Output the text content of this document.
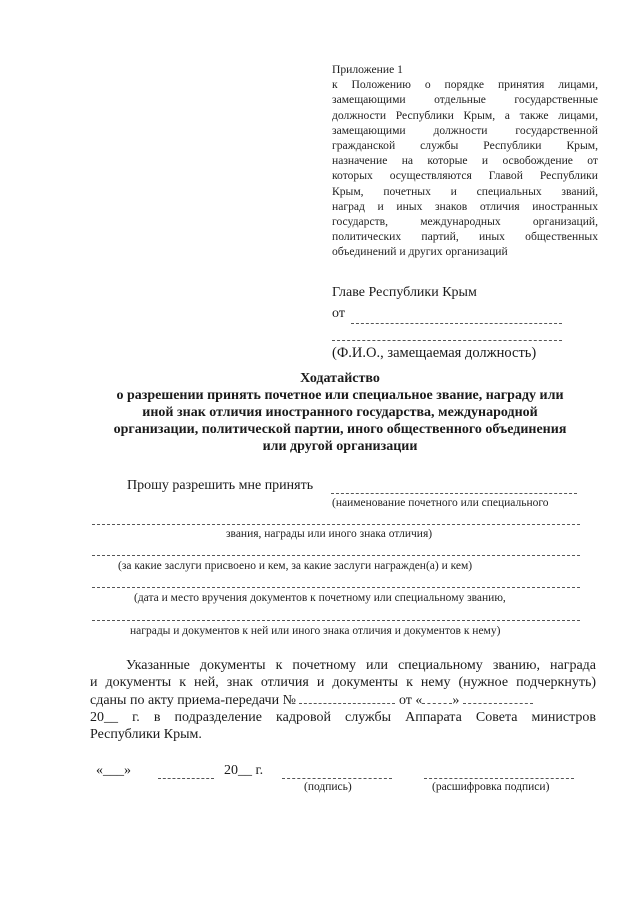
Приложение 1
к Положению о порядке принятия лицами,
замещающими отдельные государственные
должности Республики Крым, а также лицами,
замещающими должности государственной
гражданской службы Республики Крым,
назначение на которые и освобождение от
которых осуществляются Главой Республики
Крым, почетных и специальных званий,
наград и иных знаков отличия иностранных
государств, международных организаций,
политических партий, иных общественных
объединений и других организаций
Главе Республики Крым
от
(Ф.И.О., замещаемая должность)
Ходатайство
о разрешении принять почетное или специальное звание, награду или
иной знак отличия иностранного государства, международной
организации, политической партии, иного общественного объединения
или другой организации
Прошу разрешить мне принять
(наименование почетного или специального
звания, награды или иного знака отличия)
(за какие заслуги присвоено и кем, за какие заслуги награжден(а) и кем)
(дата и место вручения документов к почетному или специальному званию,
награды и документов к ней или иного знака отличия и документов к нему)
Указанные документы к почетному или специальному званию, награда
и документы к ней, знак отличия и документы к нему (нужное подчеркнуть)
сданы по акту приема-передачи №	от « »
20__ г. в подразделение кадровой службы Аппарата Совета министров
Республики Крым.
«___»	20__ г.
(подпись)	(расшифровка подписи)
